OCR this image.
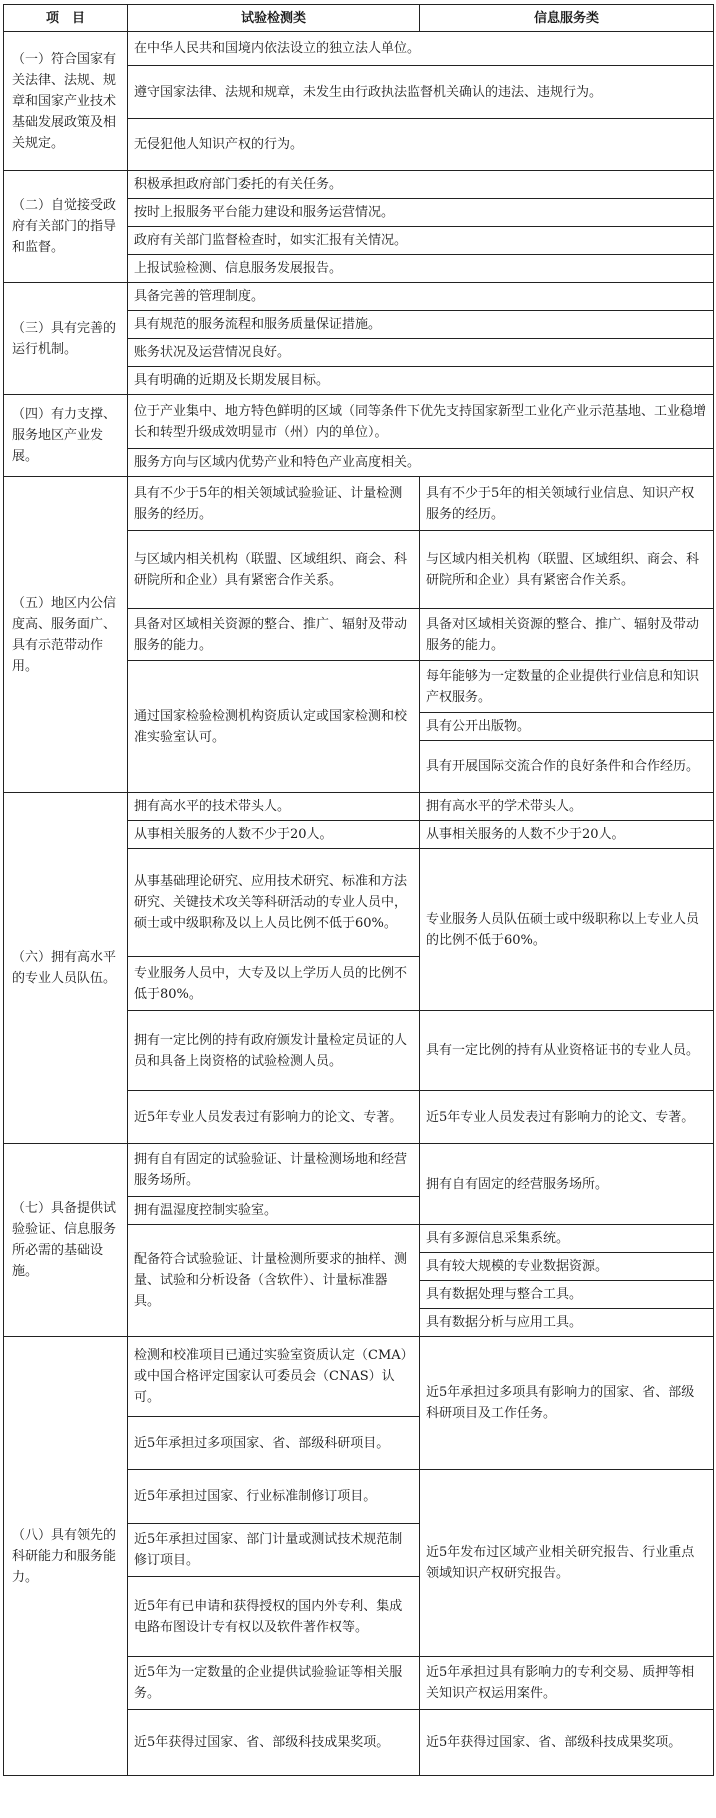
项　目	试验检测类	信息服务类
（一）符合国家有关法律、法规、规章和国家产业技术基础发展政策及相关规定。	在中华人民共和国境内依法设立的独立法人单位。	
	遵守国家法律、法规和规章，未发生由行政执法监督机关确认的违法、违规行为。	
	无侵犯他人知识产权的行为。	
（二）自觉接受政府有关部门的指导和监督。	积极承担政府部门委托的有关任务。	
	按时上报服务平台能力建设和服务运营情况。	
	政府有关部门监督检查时，如实汇报有关情况。	
	上报试验检测、信息服务发展报告。	
（三）具有完善的运行机制。	具备完善的管理制度。	
	具有规范的服务流程和服务质量保证措施。	
	账务状况及运营情况良好。	
	具有明确的近期及长期发展目标。	
（四）有力支撑、服务地区产业发展。	位于产业集中、地方特色鲜明的区域（同等条件下优先支持国家新型工业化产业示范基地、工业稳增长和转型升级成效明显市（州）内的单位）。	
	服务方向与区域内优势产业和特色产业高度相关。	
（五）地区内公信度高、服务面广、具有示范带动作用。	具有不少于5年的相关领域试验验证、计量检测服务的经历。	具有不少于5年的相关领域行业信息、知识产权服务的经历。
	与区域内相关机构（联盟、区域组织、商会、科研院所和企业）具有紧密合作关系。	与区域内相关机构（联盟、区域组织、商会、科研院所和企业）具有紧密合作关系。
	具备对区域相关资源的整合、推广、辐射及带动服务的能力。	具备对区域相关资源的整合、推广、辐射及带动服务的能力。
	通过国家检验检测机构资质认定或国家检测和校准实验室认可。	每年能够为一定数量的企业提供行业信息和知识产权服务。
		具有公开出版物。
		具有开展国际交流合作的良好条件和合作经历。
（六）拥有高水平的专业人员队伍。	拥有高水平的技术带头人。	拥有高水平的学术带头人。
	从事相关服务的人数不少于20人。	从事相关服务的人数不少于20人。
	从事基础理论研究、应用技术研究、标准和方法研究、关键技术攻关等科研活动的专业人员中，硕士或中级职称及以上人员比例不低于60%。	专业服务人员队伍硕士或中级职称以上专业人员的比例不低于60%。
	专业服务人员中，大专及以上学历人员的比例不低于80%。	
	拥有一定比例的持有政府颁发计量检定员证的人员和具备上岗资格的试验检测人员。	具有一定比例的持有从业资格证书的专业人员。
	近5年专业人员发表过有影响力的论文、专著。	近5年专业人员发表过有影响力的论文、专著。
（七）具备提供试验验证、信息服务所必需的基础设施。	拥有自有固定的试验验证、计量检测场地和经营服务场所。	拥有自有固定的经营服务场所。
	拥有温湿度控制实验室。	
	配备符合试验验证、计量检测所要求的抽样、测量、试验和分析设备（含软件）、计量标准器具。	具有多源信息采集系统。
		具有较大规模的专业数据资源。
		具有数据处理与整合工具。
		具有数据分析与应用工具。
（八）具有领先的科研能力和服务能力。	检测和校准项目已通过实验室资质认定（CMA）或中国合格评定国家认可委员会（CNAS）认可。	近5年承担过多项具有影响力的国家、省、部级科研项目及工作任务。
	近5年承担过多项国家、省、部级科研项目。	
	近5年承担过国家、行业标准制修订项目。	近5年发布过区域产业相关研究报告、行业重点领域知识产权研究报告。
	近5年承担过国家、部门计量或测试技术规范制修订项目。	
	近5年有已申请和获得授权的国内外专利、集成电路布图设计专有权以及软件著作权等。	
	近5年为一定数量的企业提供试验验证等相关服务。	近5年承担过具有影响力的专利交易、质押等相关知识产权运用案件。
	近5年获得过国家、省、部级科技成果奖项。	近5年获得过国家、省、部级科技成果奖项。
